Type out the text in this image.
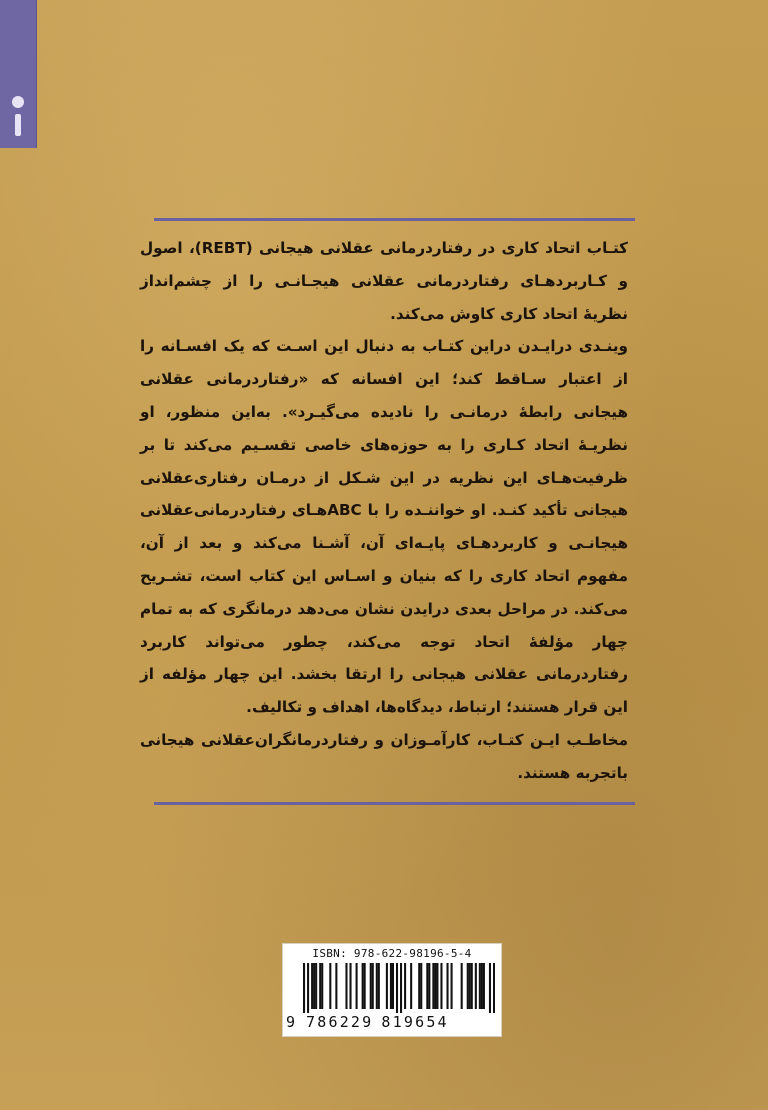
کتـاب اتحاد کاری در رفتاردرمانی عقلانی هیجانی (REBT)، اصول و کـاربردهـای رفتاردرمانی عقلانی هیجـانـی را از چشم‌انداز نظریهٔ اتحاد کاری کاوش می‌کند.

وینـدی درایـدن دراین کتـاب به دنبال این اسـت که یک افسـانه را از اعتبار سـاقط کند؛ این افسانه که «رفتاردرمانی عقلانی هیجانی رابطهٔ درمانـی را نادیده می‌گیـرد». به‌این منظور، او نظریـهٔ اتحاد کـاری را به حوزه‌های خاصی تقسـیم می‌کند تا بر ظرفیت‌هـای این نظریه در این شـکل از درمـان رفتاری‌عقلانی هیجانی تأکید کنـد. او خواننـده را با ABCهـای رفتاردرمانی‌عقلانی هیجانـی و کاربردهـای پایـه‌ای آن، آشـنا می‌کند و بعد از آن، مفهوم اتحاد کاری را که بنیان و اسـاس این کتاب است، تشـریح می‌کند. در مراحل بعدی درایدن نشان می‌دهد درمانگری که به تمام چهار مؤلفهٔ اتحاد توجه می‌کند، چطور می‌تواند کاربرد رفتاردرمانی عقلانی هیجانی را ارتقا بخشد. این چهار مؤلفه از این قرار هستند؛ ارتباط، دیدگاه‌ها، اهداف و تکالیف.

مخاطـب ایـن کتـاب، کارآمـوزان و رفتاردرمانگران‌عقلانی هیجانی باتجربه هستند.

ISBN: 978-622-98196-5-4
9 786229 819654
